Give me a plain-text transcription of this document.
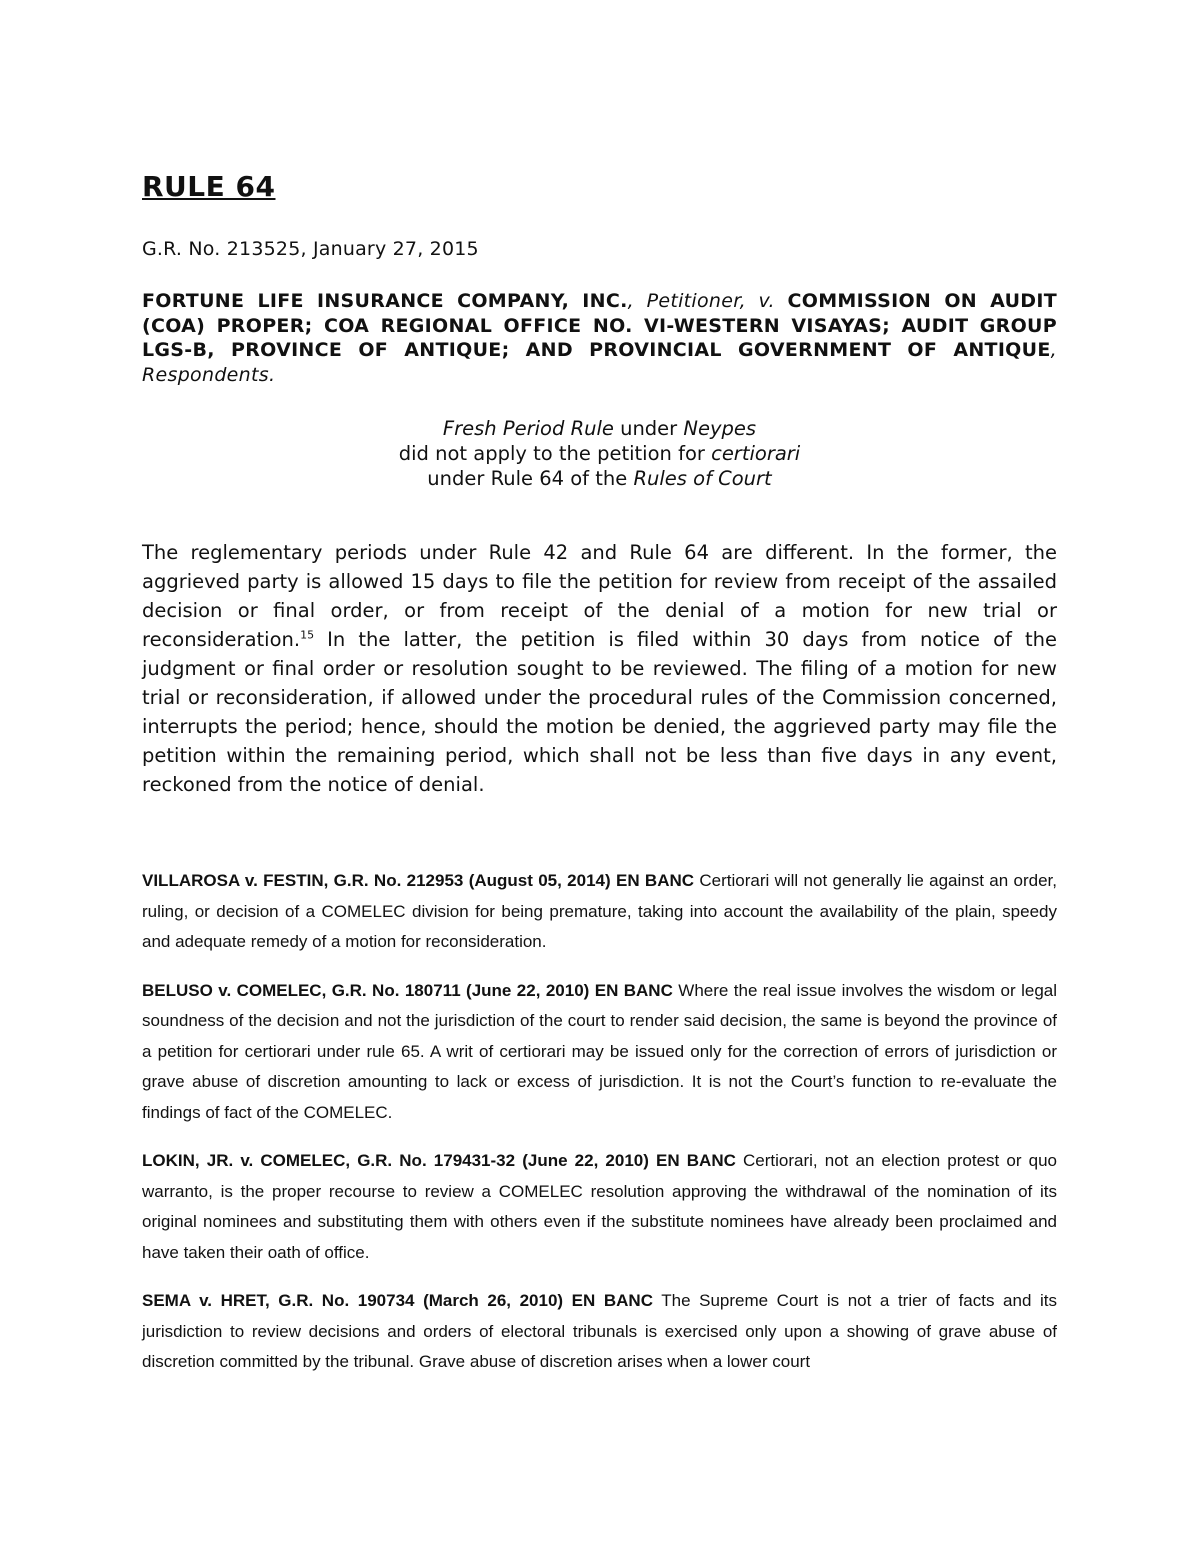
RULE 64

G.R. No. 213525, January 27, 2015

FORTUNE LIFE INSURANCE COMPANY, INC., Petitioner, v. COMMISSION ON AUDIT (COA) PROPER; COA REGIONAL OFFICE NO. VI-WESTERN VISAYAS; AUDIT GROUP LGS-B, PROVINCE OF ANTIQUE; AND PROVINCIAL GOVERNMENT OF ANTIQUE, Respondents.

Fresh Period Rule under Neypes
did not apply to the petition for certiorari
under Rule 64 of the Rules of Court

The reglementary periods under Rule 42 and Rule 64 are different. In the former, the aggrieved party is allowed 15 days to file the petition for review from receipt of the assailed decision or final order, or from receipt of the denial of a motion for new trial or reconsideration.$^{15}$ In the latter, the petition is filed within 30 days from notice of the judgment or final order or resolution sought to be reviewed. The filing of a motion for new trial or reconsideration, if allowed under the procedural rules of the Commission concerned, interrupts the period; hence, should the motion be denied, the aggrieved party may file the petition within the remaining period, which shall not be less than five days in any event, reckoned from the notice of denial.

VILLAROSA v. FESTIN, G.R. No. 212953 (August 05, 2014) EN BANC Certiorari will not generally lie against an order, ruling, or decision of a COMELEC division for being premature, taking into account the availability of the plain, speedy and adequate remedy of a motion for reconsideration.

BELUSO v. COMELEC, G.R. No. 180711 (June 22, 2010) EN BANC Where the real issue involves the wisdom or legal soundness of the decision and not the jurisdiction of the court to render said decision, the same is beyond the province of a petition for certiorari under rule 65. A writ of certiorari may be issued only for the correction of errors of jurisdiction or grave abuse of discretion amounting to lack or excess of jurisdiction. It is not the Court’s function to re-evaluate the findings of fact of the COMELEC.

LOKIN, JR. v. COMELEC, G.R. No. 179431-32 (June 22, 2010) EN BANC Certiorari, not an election protest or quo warranto, is the proper recourse to review a COMELEC resolution approving the withdrawal of the nomination of its original nominees and substituting them with others even if the substitute nominees have already been proclaimed and have taken their oath of office.

SEMA v. HRET, G.R. No. 190734 (March 26, 2010) EN BANC The Supreme Court is not a trier of facts and its jurisdiction to review decisions and orders of electoral tribunals is exercised only upon a showing of grave abuse of discretion committed by the tribunal. Grave abuse of discretion arises when a lower court
